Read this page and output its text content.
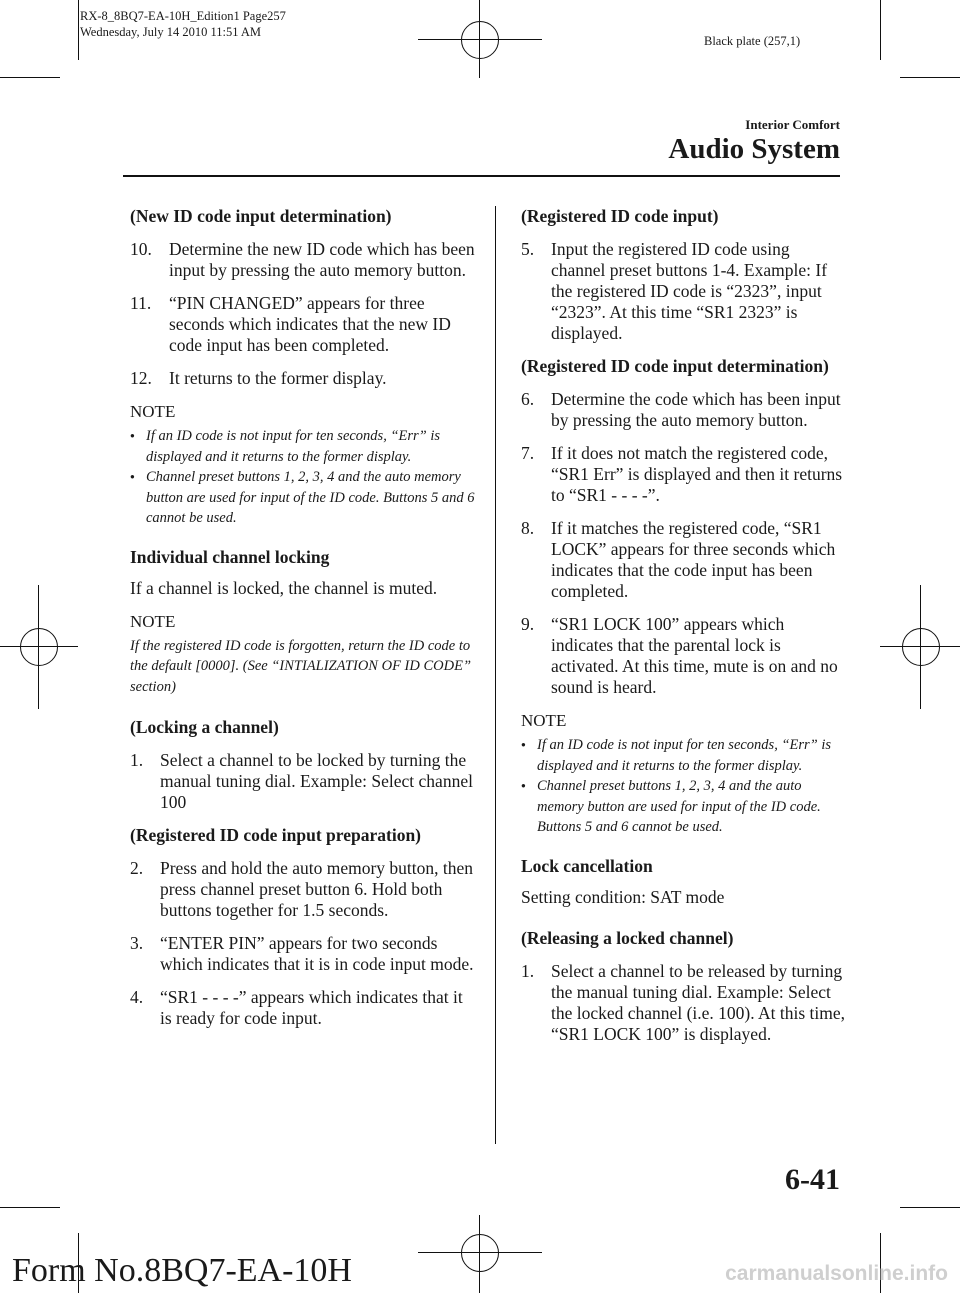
RX-8_8BQ7-EA-10H_Edition1 Page257
Wednesday, July 14 2010 11:51 AM
Black plate (257,1)
Interior Comfort
Audio System
(New ID code input determination)
10. Determine the new ID code which has been input by pressing the auto memory button.
11.	“PIN CHANGED” appears for three seconds which indicates that the new ID code input has been completed.
12. It returns to the former display.
NOTE
● If an ID code is not input for ten seconds, “Err” is displayed and it returns to the former display.
● Channel preset buttons 1, 2, 3, 4 and the auto memory button are used for input of the ID code. Buttons 5 and 6 cannot be used.
Individual channel locking
If a channel is locked, the channel is muted.
NOTE
If the registered ID code is forgotten, return the ID code to the default [0000]. (See “INTIALIZATION OF ID CODE” section)
(Locking a channel)
1. Select a channel to be locked by turning the manual tuning dial. Example: Select channel 100
(Registered ID code input preparation)
2. Press and hold the auto memory button, then press channel preset button 6. Hold both buttons together for 1.5 seconds.
3. “ENTER PIN” appears for two seconds which indicates that it is in code input mode.
4. “SR1 - - - -” appears which indicates that it is ready for code input.
(Registered ID code input)
5. Input the registered ID code using channel preset buttons 1-4. Example: If the registered ID code is “2323”, input “2323”. At this time “SR1 2323” is displayed.
(Registered ID code input determination)
6. Determine the code which has been input by pressing the auto memory button.
7. If it does not match the registered code, “SR1 Err” is displayed and then it returns to “SR1 - - - -”.
8. If it matches the registered code, “SR1 LOCK” appears for three seconds which indicates that the code input has been completed.
9. “SR1 LOCK 100” appears which indicates that the parental lock is activated. At this time, mute is on and no sound is heard.
NOTE
● If an ID code is not input for ten seconds, “Err” is displayed and it returns to the former display.
● Channel preset buttons 1, 2, 3, 4 and the auto memory button are used for input of the ID code. Buttons 5 and 6 cannot be used.
Lock cancellation
Setting condition: SAT mode
(Releasing a locked channel)
1. Select a channel to be released by turning the manual tuning dial. Example: Select the locked channel (i.e. 100). At this time, “SR1 LOCK 100” is displayed.
6-41
Form No.8BQ7-EA-10H	carmanualsonline.info
